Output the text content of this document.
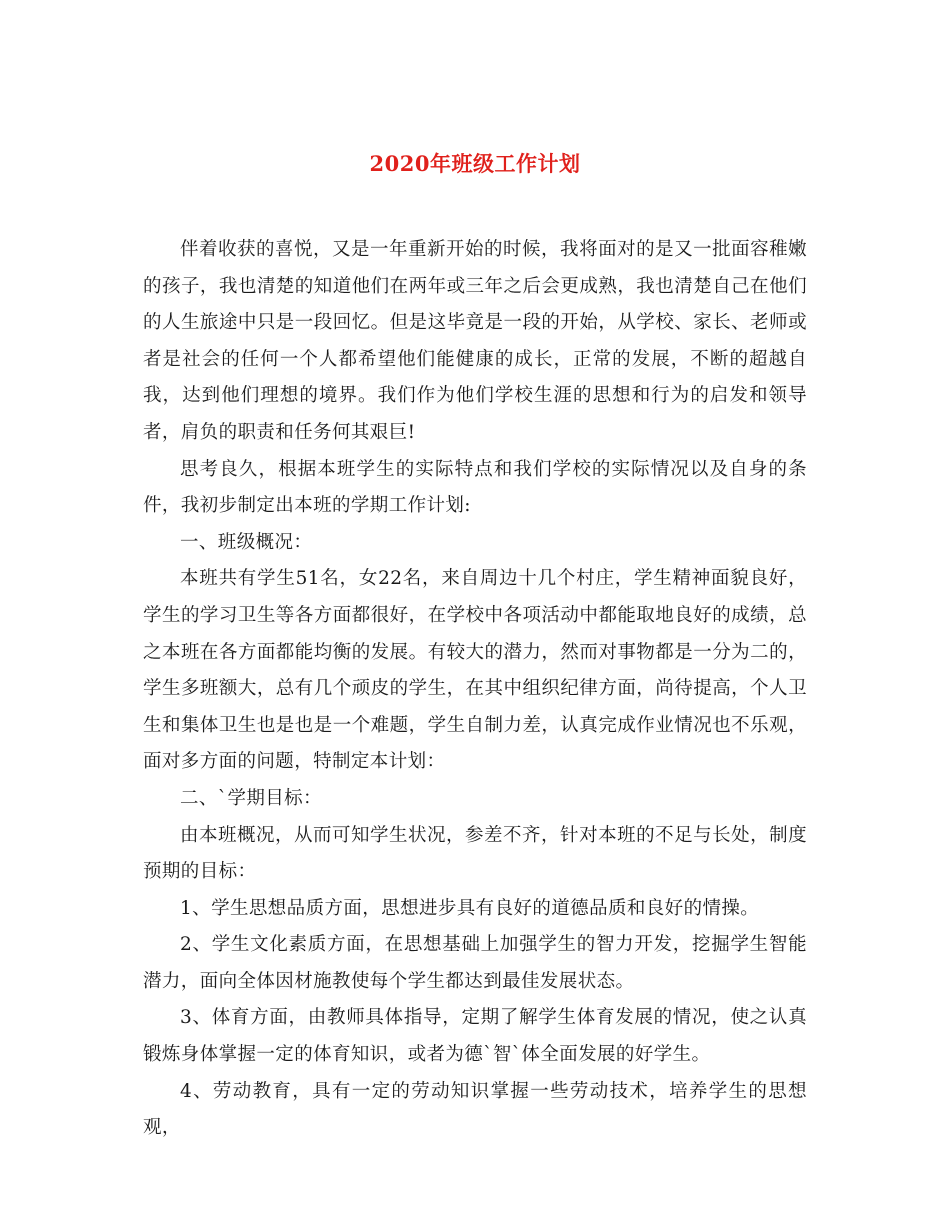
2020年班级工作计划

伴着收获的喜悦，又是一年重新开始的时候，我将面对的是又一批面容稚嫩的孩子，我也清楚的知道他们在两年或三年之后会更成熟，我也清楚自己在他们的人生旅途中只是一段回忆。但是这毕竟是一段的开始，从学校、家长、老师或者是社会的任何一个人都希望他们能健康的成长，正常的发展，不断的超越自我，达到他们理想的境界。我们作为他们学校生涯的思想和行为的启发和领导者，肩负的职责和任务何其艰巨!

思考良久，根据本班学生的实际特点和我们学校的实际情况以及自身的条件，我初步制定出本班的学期工作计划:

一、班级概况：

本班共有学生51名，女22名，来自周边十几个村庄，学生精神面貌良好，学生的学习卫生等各方面都很好，在学校中各项活动中都能取地良好的成绩，总之本班在各方面都能均衡的发展。有较大的潜力，然而对事物都是一分为二的，学生多班额大，总有几个顽皮的学生，在其中组织纪律方面，尚待提高，个人卫生和集体卫生也是也是一个难题，学生自制力差，认真完成作业情况也不乐观，面对多方面的问题，特制定本计划：

二、`学期目标：

由本班概况，从而可知学生状况，参差不齐，针对本班的不足与长处，制度预期的目标：

1、学生思想品质方面，思想进步具有良好的道德品质和良好的情操。

2、学生文化素质方面，在思想基础上加强学生的智力开发，挖掘学生智能潜力，面向全体因材施教使每个学生都达到最佳发展状态。

3、体育方面，由教师具体指导，定期了解学生体育发展的情况，使之认真锻炼身体掌握一定的体育知识，或者为德`智`体全面发展的好学生。

4、劳动教育，具有一定的劳动知识掌握一些劳动技术，培养学生的思想观，
